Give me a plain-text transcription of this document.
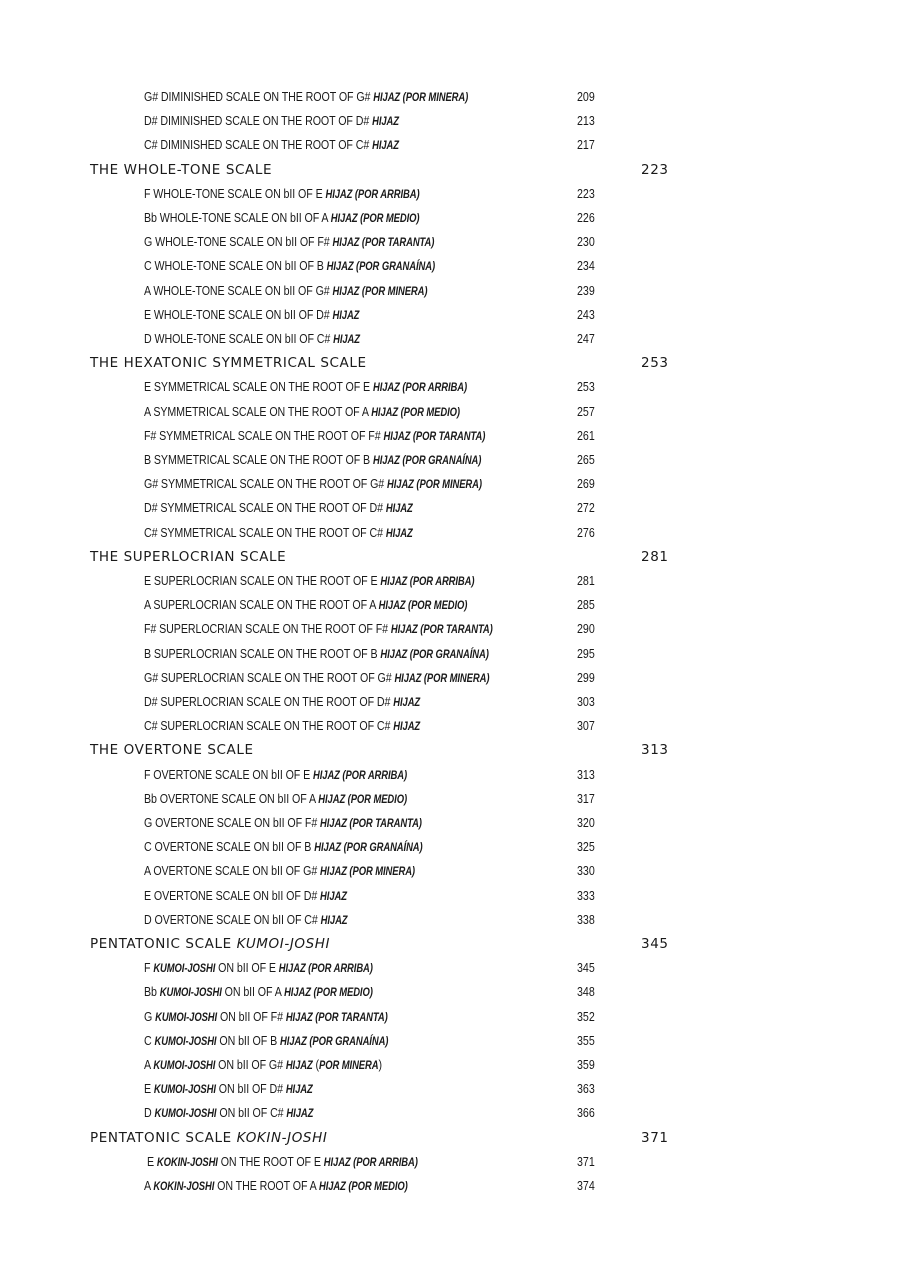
G# DIMINISHED SCALE ON THE ROOT OF G# HIJAZ (POR MINERA)	209
D# DIMINISHED SCALE ON THE ROOT OF D# HIJAZ	213
C# DIMINISHED SCALE ON THE ROOT OF C# HIJAZ	217
THE WHOLE-TONE SCALE	223
F WHOLE-TONE SCALE ON bII OF E HIJAZ (POR ARRIBA)	223
Bb WHOLE-TONE SCALE ON bII OF A HIJAZ (POR MEDIO)	226
G WHOLE-TONE SCALE ON bII OF F# HIJAZ (POR TARANTA)	230
C WHOLE-TONE SCALE ON bII OF B HIJAZ (POR GRANAÍNA)	234
A WHOLE-TONE SCALE ON bII OF G# HIJAZ (POR MINERA)	239
E WHOLE-TONE SCALE ON bII OF D# HIJAZ	243
D WHOLE-TONE SCALE ON bII OF C# HIJAZ	247
THE HEXATONIC SYMMETRICAL SCALE	253
E SYMMETRICAL SCALE ON THE ROOT OF E HIJAZ (POR ARRIBA)	253
A SYMMETRICAL SCALE ON THE ROOT OF A HIJAZ (POR MEDIO)	257
F# SYMMETRICAL SCALE ON THE ROOT OF F# HIJAZ (POR TARANTA)	261
B SYMMETRICAL SCALE ON THE ROOT OF B HIJAZ (POR GRANAÍNA)	265
G# SYMMETRICAL SCALE ON THE ROOT OF G# HIJAZ (POR MINERA)	269
D# SYMMETRICAL SCALE ON THE ROOT OF D# HIJAZ	272
C# SYMMETRICAL SCALE ON THE ROOT OF C# HIJAZ	276
THE SUPERLOCRIAN SCALE	281
E SUPERLOCRIAN SCALE ON THE ROOT OF E HIJAZ (POR ARRIBA)	281
A SUPERLOCRIAN SCALE ON THE ROOT OF A HIJAZ (POR MEDIO)	285
F# SUPERLOCRIAN SCALE ON THE ROOT OF F# HIJAZ (POR TARANTA)	290
B SUPERLOCRIAN SCALE ON THE ROOT OF B HIJAZ (POR GRANAÍNA)	295
G# SUPERLOCRIAN SCALE ON THE ROOT OF G# HIJAZ (POR MINERA)	299
D# SUPERLOCRIAN SCALE ON THE ROOT OF D# HIJAZ	303
C# SUPERLOCRIAN SCALE ON THE ROOT OF C# HIJAZ	307
THE OVERTONE SCALE	313
F OVERTONE SCALE ON bII OF E HIJAZ (POR ARRIBA)	313
Bb OVERTONE SCALE ON bII OF A HIJAZ (POR MEDIO)	317
G OVERTONE SCALE ON bII OF F# HIJAZ (POR TARANTA)	320
C OVERTONE SCALE ON bII OF B HIJAZ (POR GRANAÍNA)	325
A OVERTONE SCALE ON bII OF G# HIJAZ (POR MINERA)	330
E OVERTONE SCALE ON bII OF D# HIJAZ	333
D OVERTONE SCALE ON bII OF C# HIJAZ	338
PENTATONIC SCALE KUMOI-JOSHI	345
F KUMOI-JOSHI ON bII OF E HIJAZ (POR ARRIBA)	345
Bb KUMOI-JOSHI ON bII OF A HIJAZ (POR MEDIO)	348
G KUMOI-JOSHI ON bII OF F# HIJAZ (POR TARANTA)	352
C KUMOI-JOSHI ON bII OF B HIJAZ (POR GRANAÍNA)	355
A KUMOI-JOSHI ON bII OF G# HIJAZ (POR MINERA)	359
E KUMOI-JOSHI ON bII OF D# HIJAZ	363
D KUMOI-JOSHI ON bII OF C# HIJAZ	366
PENTATONIC SCALE KOKIN-JOSHI	371
E KOKIN-JOSHI ON THE ROOT OF E HIJAZ (POR ARRIBA)	371
A KOKIN-JOSHI ON THE ROOT OF A HIJAZ (POR MEDIO)	374
